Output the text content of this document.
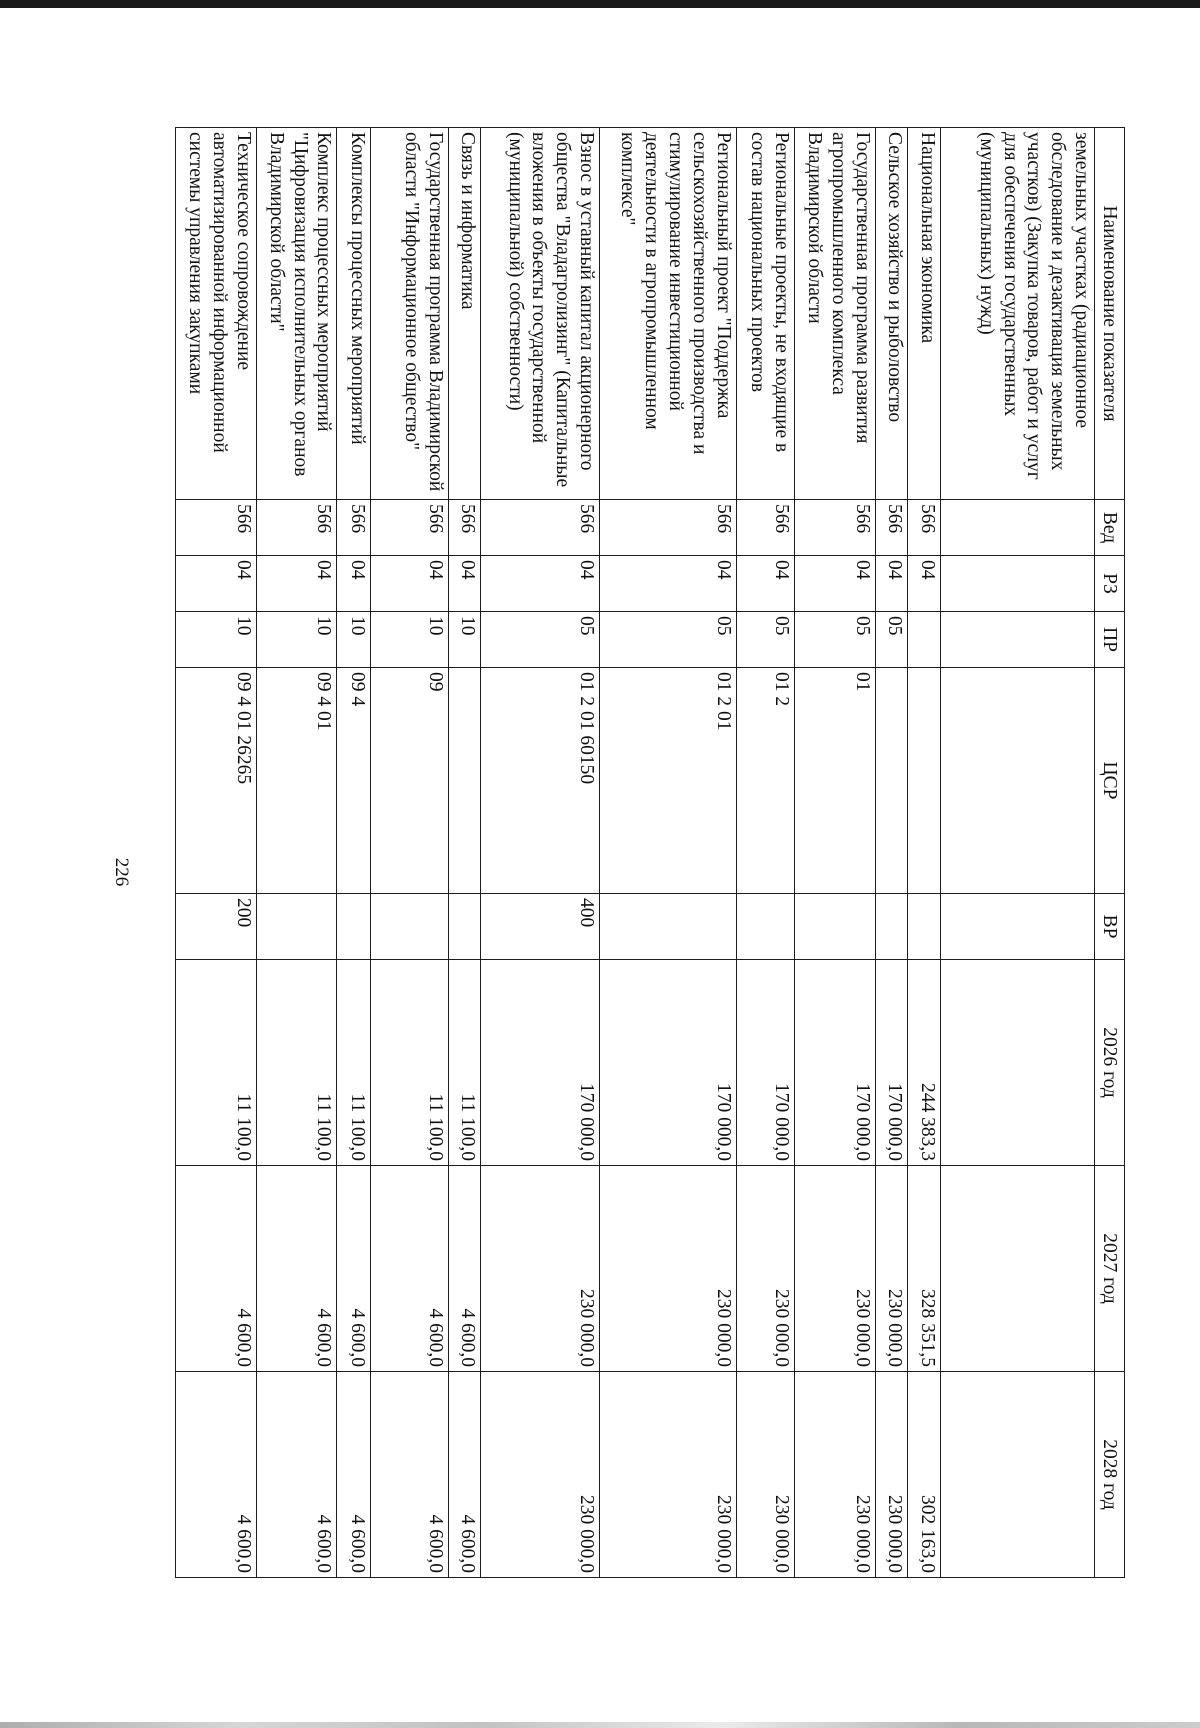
226
Наименование показателя	Вед	РЗ	ПР	ЦСР	ВР	2026 год	2027 год	2028 год
земельных участках (радиационное обследование и дезактивация земельных участков) (Закупка товаров, работ и услуг для обеспечения государственных (муниципальных) нужд)								
Национальная экономика	566	04				244 383,3	328 351,5	302 163,0
Сельское хозяйство и рыболовство	566	04	05			170 000,0	230 000,0	230 000,0
Государственная программа развития агропромышленного комплекса Владимирской области	566	04	05	01		170 000,0	230 000,0	230 000,0
Региональные проекты, не входящие в состав национальных проектов	566	04	05	01 2		170 000,0	230 000,0	230 000,0
Региональный проект "Поддержка сельскохозяйственного производства и стимулирование инвестиционной деятельности в агропромышленном комплексе"	566	04	05	01 2 01		170 000,0	230 000,0	230 000,0
Взнос в уставный капитал акционерного общества "Владагролизинг" (Капитальные вложения в объекты государственной (муниципальной) собственности)	566	04	05	01 2 01 60150	400	170 000,0	230 000,0	230 000,0
Связь и информатика	566	04	10			11 100,0	4 600,0	4 600,0
Государственная программа Владимирской области "Информационное общество"	566	04	10	09		11 100,0	4 600,0	4 600,0
Комплексы процессных мероприятий	566	04	10	09 4		11 100,0	4 600,0	4 600,0
Комплекс процессных мероприятий "Цифровизация исполнительных органов Владимирской области"	566	04	10	09 4 01		11 100,0	4 600,0	4 600,0
Техническое сопровождение автоматизированной информационной системы управления закупками	566	04	10	09 4 01 26265	200	11 100,0	4 600,0	4 600,0
